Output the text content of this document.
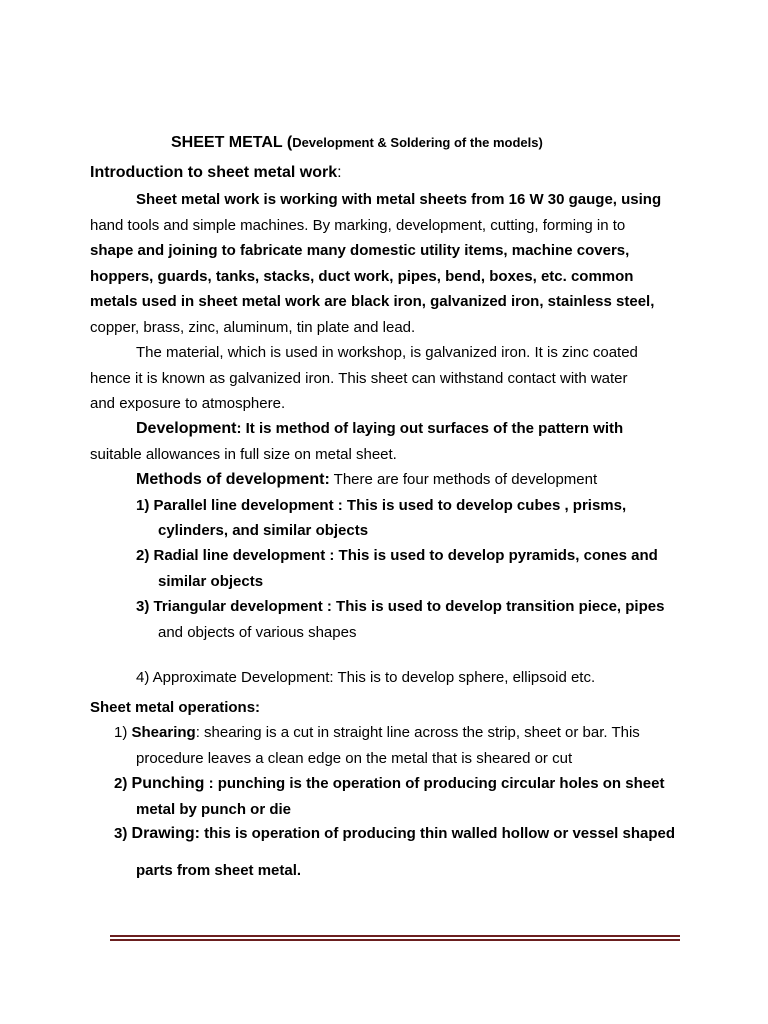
SHEET METAL (Development & Soldering of the models)
Introduction to sheet metal work:
Sheet metal work is working with metal sheets from 16 W 30 gauge, using
hand tools and simple machines. By marking, development, cutting, forming in to
shape and joining to fabricate many domestic utility items, machine covers,
hoppers, guards, tanks, stacks, duct work, pipes, bend, boxes, etc. common
metals used in sheet metal work are black iron, galvanized iron, stainless steel,
copper, brass, zinc, aluminum, tin plate and lead.
The material, which is used in workshop, is galvanized iron. It is zinc coated
hence it is known as galvanized iron. This sheet can withstand contact with water
and exposure to atmosphere.
Development: It is method of laying out surfaces of the pattern with
suitable allowances in full size on metal sheet.
Methods of development: There are four methods of development
1) Parallel line development : This is used to develop cubes , prisms,
cylinders, and similar objects
2) Radial line development : This is used to develop pyramids, cones and
similar objects
3) Triangular development : This is used to develop transition piece, pipes
and objects of various shapes
4) Approximate Development: This is to develop sphere, ellipsoid etc.
Sheet metal operations:
1) Shearing: shearing is a cut in straight line across the strip, sheet or bar. This
procedure leaves a clean edge on the metal that is sheared or cut
2) Punching : punching is the operation of producing circular holes on sheet
metal by punch or die
3) Drawing: this is operation of producing thin walled hollow or vessel shaped
parts from sheet metal.
